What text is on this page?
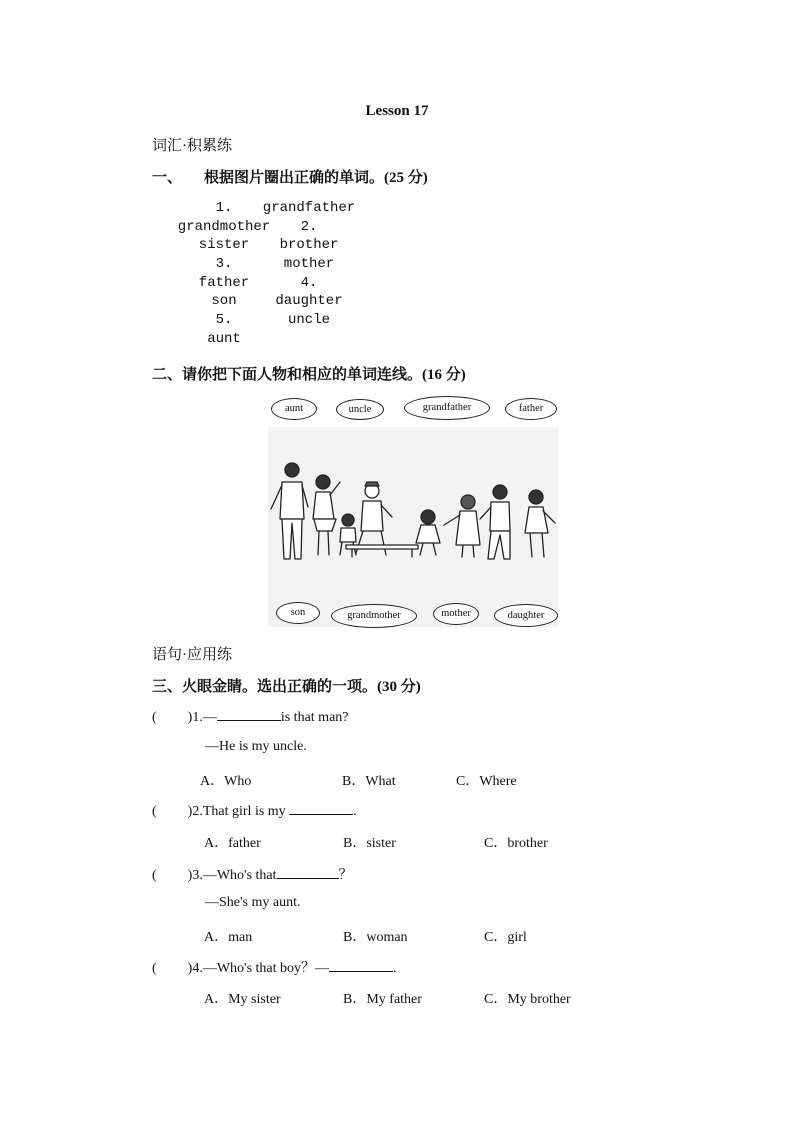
Lesson 17
词汇·积累练
一、 根据图片圈出正确的单词。(25 分)
1. grandfather
grandmother 2.
sister brother
3.	mother
father	4.
son	daughter
5.	uncle
aunt
二、请你把下面人物和相应的单词连线。(16 分)
aunt	uncle	grandfather	father
son	grandmother	mother	daughter
语句·应用练
三、火眼金睛。选出正确的一项。(30 分)
( )1.—	is that man?
—He is my uncle.
A．Who	B．What	C．Where
( )2.That girl is my	.
A．father	B．sister	C．brother
( )3.—Who's that	？
—She's my aunt.
A．man	B．woman	C．girl
( )4.—Who's that boy？—	.
A．My sister	B．My father	C．My brother
